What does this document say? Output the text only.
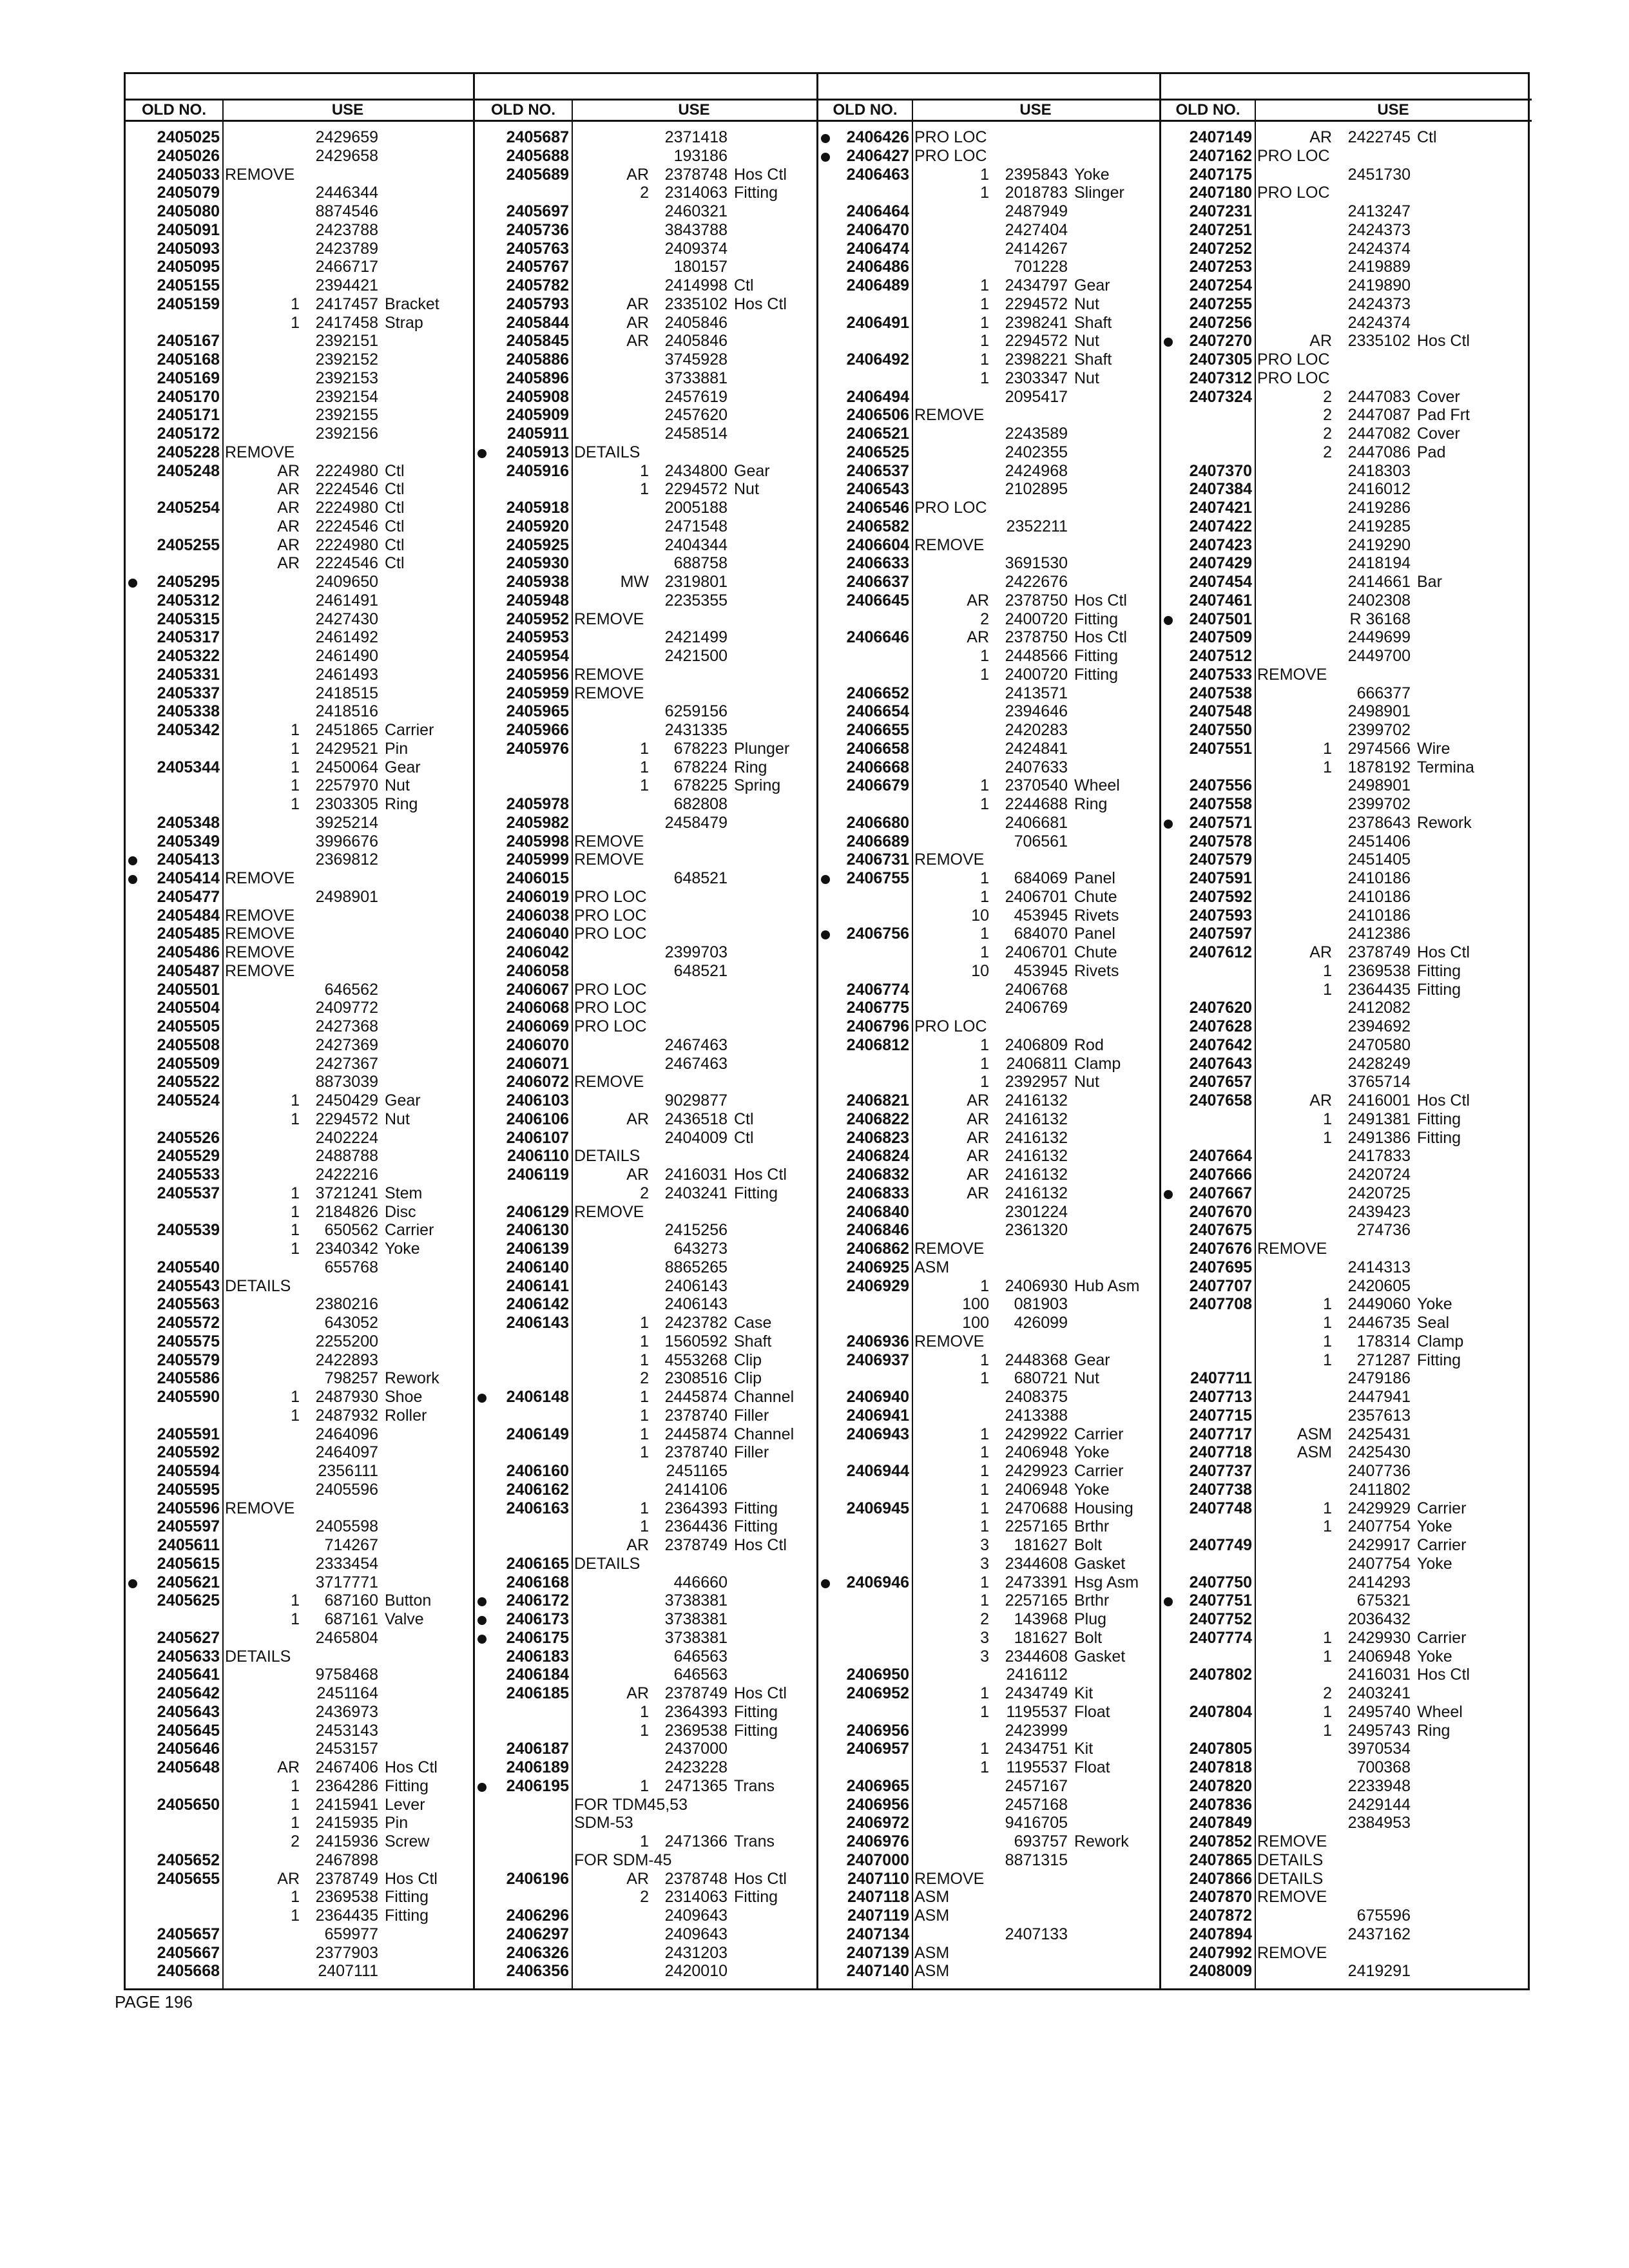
OLD NO.	USE
2405025	2429659
2405026	2429658
2405033 REMOVE
2405079	2446344
2405080	8874546
2405091	2423788
2405093	2423789
2405095	2466717
2405155	2394421
2405159	1 2417457 Bracket
1 2417458 Strap
2405167	2392151
2405168	2392152
2405169	2392153
2405170	2392154
2405171	2392155
2405172	2392156
2405228 REMOVE
2405248	AR 2224980 Ctl
AR 2224546 Ctl
2405254	AR 2224980 Ctl
AR 2224546 Ctl
2405255	AR 2224980 Ctl
AR 2224546 Ctl
2405295	2409650
2405312	2461491
2405315	2427430
2405317	2461492
2405322	2461490
2405331	2461493
2405337	2418515
2405338	2418516
2405342	1 2451865 Carrier
1 2429521 Pin
2405344	1 2450064 Gear
1 2257970 Nut
1 2303305 Ring
2405348	3925214
2405349	3996676
2405413	2369812
2405414 REMOVE
2405477	2498901
2405484 REMOVE
2405485 REMOVE
2405486 REMOVE
2405487 REMOVE
2405501	646562
2405504	2409772
2405505	2427368
2405508	2427369
2405509	2427367
2405522	8873039
2405524	1 2450429 Gear
1 2294572 Nut
2405526	2402224
2405529	2488788
2405533	2422216
2405537	1 3721241 Stem
1 2184826 Disc
2405539	1	650562 Carrier
1 2340342 Yoke
2405540	655768
2405543 DETAILS
2405563	2380216
2405572	643052
2405575	2255200
2405579	2422893
2405586	798257 Rework
2405590	1 2487930 Shoe
1 2487932 Roller
2405591	2464096
2405592	2464097
2405594	2356111
2405595	2405596
2405596 REMOVE
2405597	2405598
2405611	714267
2405615	2333454
2405621	3717771
2405625	1	687160 Button
1	687161 Valve
2405627	2465804
2405633 DETAILS
2405641	9758468
2405642	2451164
2405643	2436973
2405645	2453143
2405646	2453157
2405648	AR 2467406 Hos Ctl
1 2364286 Fitting
2405650	1 2415941 Lever
1 2415935 Pin
2 2415936 Screw
2405652	2467898
2405655	AR 2378749 Hos Ctl
1 2369538 Fitting
1 2364435 Fitting
2405657	659977
2405667	2377903
2405668	2407111
OLD NO.	USE
2405687	2371418
2405688	193186
2405689	AR 2378748 Hos Ctl
2 2314063 Fitting
2405697	2460321
2405736	3843788
2405763	2409374
2405767	180157
2405782	2414998 Ctl
2405793	AR 2335102 Hos Ctl
2405844	AR 2405846
2405845	AR 2405846
2405886	3745928
2405896	3733881
2405908	2457619
2405909	2457620
2405911	2458514
2405913 DETAILS
2405916	1 2434800 Gear
1 2294572 Nut
2405918	2005188
2405920	2471548
2405925	2404344
2405930	688758
2405938	MW 2319801
2405948	2235355
2405952 REMOVE
2405953	2421499
2405954	2421500
2405956 REMOVE
2405959 REMOVE
2405965	6259156
2405966	2431335
2405976	1	678223 Plunger
1	678224 Ring
1	678225 Spring
2405978	682808
2405982	2458479
2405998 REMOVE
2405999 REMOVE
2406015	648521
2406019 PRO LOC
2406038 PRO LOC
2406040 PRO LOC
2406042	2399703
2406058	648521
2406067 PRO LOC
2406068 PRO LOC
2406069 PRO LOC
2406070	2467463
2406071	2467463
2406072 REMOVE
2406103	9029877
2406106	AR 2436518 Ctl
2406107	2404009 Ctl
2406110 DETAILS
2406119	AR 2416031 Hos Ctl
2 2403241 Fitting
2406129 REMOVE
2406130	2415256
2406139	643273
2406140	8865265
2406141	2406143
2406142	2406143
2406143	1 2423782 Case
1 1560592 Shaft
1 4553268 Clip
2 2308516 Clip
2406148	1 2445874 Channel
1 2378740 Filler
2406149	1 2445874 Channel
1 2378740 Filler
2406160	2451165
2406162	2414106
2406163	1 2364393 Fitting
1 2364436 Fitting
AR 2378749 Hos Ctl
2406165 DETAILS
2406168	446660
2406172	3738381
2406173	3738381
2406175	3738381
2406183	646563
2406184	646563
2406185	AR 2378749 Hos Ctl
1 2364393 Fitting
1 2369538 Fitting
2406187	2437000
2406189	2423228
2406195	1 2471365 Trans
FOR TDM45,53
SDM-53
1 2471366 Trans
FOR SDM-45
2406196	AR 2378748 Hos Ctl
2 2314063 Fitting
2406296	2409643
2406297	2409643
2406326	2431203
2406356	2420010
OLD NO.	USE
2406426 PRO LOC
2406427 PRO LOC
2406463	1 2395843 Yoke
1 2018783 Slinger
2406464	2487949
2406470	2427404
2406474	2414267
2406486	701228
2406489	1 2434797 Gear
1 2294572 Nut
2406491	1 2398241 Shaft
1 2294572 Nut
2406492	1 2398221 Shaft
1 2303347 Nut
2406494	2095417
2406506 REMOVE
2406521	2243589
2406525	2402355
2406537	2424968
2406543	2102895
2406546 PRO LOC
2406582	2352211
2406604 REMOVE
2406633	3691530
2406637	2422676
2406645	AR 2378750 Hos Ctl
2 2400720 Fitting
2406646	AR 2378750 Hos Ctl
1 2448566 Fitting
1 2400720 Fitting
2406652	2413571
2406654	2394646
2406655	2420283
2406658	2424841
2406668	2407633
2406679	1 2370540 Wheel
1 2244688 Ring
2406680	2406681
2406689	706561
2406731 REMOVE
2406755	1	684069 Panel
1 2406701 Chute
10	453945 Rivets
2406756	1	684070 Panel
1 2406701 Chute
10	453945 Rivets
2406774	2406768
2406775	2406769
2406796 PRO LOC
2406812	1 2406809 Rod
1	2406811 Clamp
1 2392957 Nut
2406821	AR 2416132
2406822	AR 2416132
2406823	AR 2416132
2406824	AR 2416132
2406832	AR 2416132
2406833	AR 2416132
2406840	2301224
2406846	2361320
2406862 REMOVE
2406925 ASM
2406929	1 2406930 Hub Asm
100	081903
100	426099
2406936 REMOVE
2406937	1 2448368 Gear
1	680721 Nut
2406940	2408375
2406941	2413388
2406943	1 2429922 Carrier
1 2406948 Yoke
2406944	1 2429923 Carrier
1 2406948 Yoke
2406945	1 2470688 Housing
1 2257165 Brthr
3	181627 Bolt
3 2344608 Gasket
2406946	1 2473391 Hsg Asm
1 2257165 Brthr
2	143968 Plug
3	181627 Bolt
3 2344608 Gasket
2406950	2416112
2406952	1 2434749 Kit
1	1195537 Float
2406956	2423999
2406957	1 2434751 Kit
1	1195537 Float
2406965	2457167
2406956	2457168
2406972	9416705
2406976	693757 Rework
2407000	8871315
2407110 REMOVE
2407118 ASM
2407119 ASM
2407134	2407133
2407139 ASM
2407140 ASM
OLD NO.	USE
2407149	AR 2422745 Ctl
2407162 PRO LOC
2407175	2451730
2407180 PRO LOC
2407231	2413247
2407251	2424373
2407252	2424374
2407253	2419889
2407254	2419890
2407255	2424373
2407256	2424374
2407270	AR 2335102 Hos Ctl
2407305 PRO LOC
2407312 PRO LOC
2407324	2 2447083 Cover
2 2447087 Pad Frt
2 2447082 Cover
2 2447086 Pad
2407370	2418303
2407384	2416012
2407421	2419286
2407422	2419285
2407423	2419290
2407429	2418194
2407454	2414661 Bar
2407461	2402308
2407501	R 36168
2407509	2449699
2407512	2449700
2407533 REMOVE
2407538	666377
2407548	2498901
2407550	2399702
2407551	1 2974566 Wire
1 1878192 Termina
2407556	2498901
2407558	2399702
2407571	2378643 Rework
2407578	2451406
2407579	2451405
2407591	2410186
2407592	2410186
2407593	2410186
2407597	2412386
2407612	AR 2378749 Hos Ctl
1 2369538 Fitting
1 2364435 Fitting
2407620	2412082
2407628	2394692
2407642	2470580
2407643	2428249
2407657	3765714
2407658	AR 2416001 Hos Ctl
1 2491381 Fitting
1 2491386 Fitting
2407664	2417833
2407666	2420724
2407667	2420725
2407670	2439423
2407675	274736
2407676 REMOVE
2407695	2414313
2407707	2420605
2407708	1 2449060 Yoke
1 2446735 Seal
1	178314 Clamp
1	271287 Fitting
2407711	2479186
2407713	2447941
2407715	2357613
2407717	ASM 2425431
2407718	ASM 2425430
2407737	2407736
2407738	2411802
2407748	1 2429929 Carrier
1 2407754 Yoke
2407749	2429917 Carrier
2407754 Yoke
2407750	2414293
2407751	675321
2407752	2036432
2407774	1 2429930 Carrier
1 2406948 Yoke
2407802	2416031 Hos Ctl
2 2403241
2407804	1 2495740 Wheel
1 2495743 Ring
2407805	3970534
2407818	700368
2407820	2233948
2407836	2429144
2407849	2384953
2407852 REMOVE
2407865 DETAILS
2407866 DETAILS
2407870 REMOVE
2407872	675596
2407894	2437162
2407992 REMOVE
2408009	2419291
PAGE 196
